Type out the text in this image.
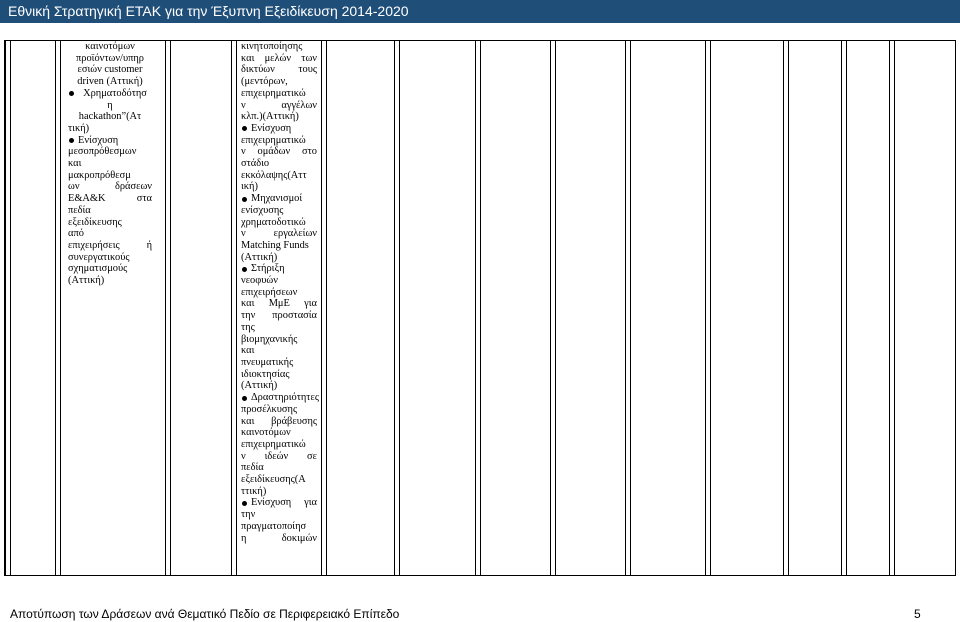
Εθνική Στρατηγική ΕΤΑΚ για την Έξυπνη Εξειδίκευση 2014-2020

καινοτόμων

προϊόντων/υπηρ

εσιών customer

driven (Αττική)

Χρηματοδότησ

η

hackathon”(Ατ

τική)

Ενίσχυση

μεσοπρόθεσμων

και

μακροπρόθεσμ

ων δράσεων

Ε&Α&Κ στα

πεδία

εξειδίκευσης

από

επιχειρήσεις ή

συνεργατικούς

σχηματισμούς

(Αττική)

κινητοποίησης

και μελών των

δικτύων τους

(μεντόρων,

επιχειρηματικώ

ν αγγέλων

κλπ.)(Αττική)

Ενίσχυση

επιχειρηματικώ

ν ομάδων στο

στάδιο

εκκόλαψης(Αττ

ική)

Μηχανισμοί

ενίσχυσης

χρηματοδοτικώ

ν εργαλείων

Matching Funds

(Αττική)

Στήριξη

νεοφυών

επιχειρήσεων

και ΜμΕ για

την προστασία

της

βιομηχανικής

και

πνευματικής

ιδιοκτησίας

(Αττική)

Δραστηριότητες

προσέλκυσης

και βράβευσης

καινοτόμων

επιχειρηματικώ

ν ιδεών σε

πεδία

εξειδίκευσης(Α

ττική)

Ενίσχυση για

την

πραγματοποίησ

η δοκιμών

Αποτύπωση των Δράσεων ανά Θεματικό Πεδίο σε Περιφερειακό Επίπεδο	5
